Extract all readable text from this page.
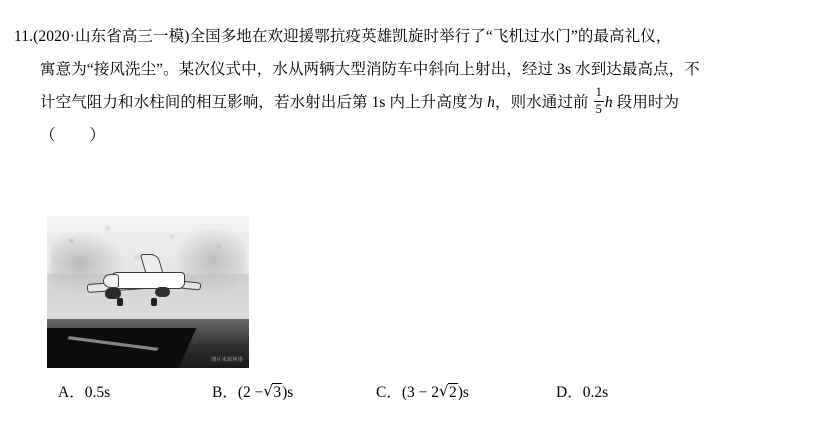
11.(2020·山东省高三一模)全国多地在欢迎援鄂抗疫英雄凯旋时举行了“飞机过水门”的最高礼仪，
寓意为“接风洗尘”。某次仪式中，水从两辆大型消防车中斜向上射出，经过 3s 水到达最高点，不
计空气阻力和水柱间的相互影响，若水射出后第 1s 内上升高度为 h，则水通过前 $\frac{1}{5}$ h 段用时为
（ ）
图片来源网络
A．0.5s	B．(2 − √ 3)s	C．(3 − 2 √ 2)s	D．0.2s
